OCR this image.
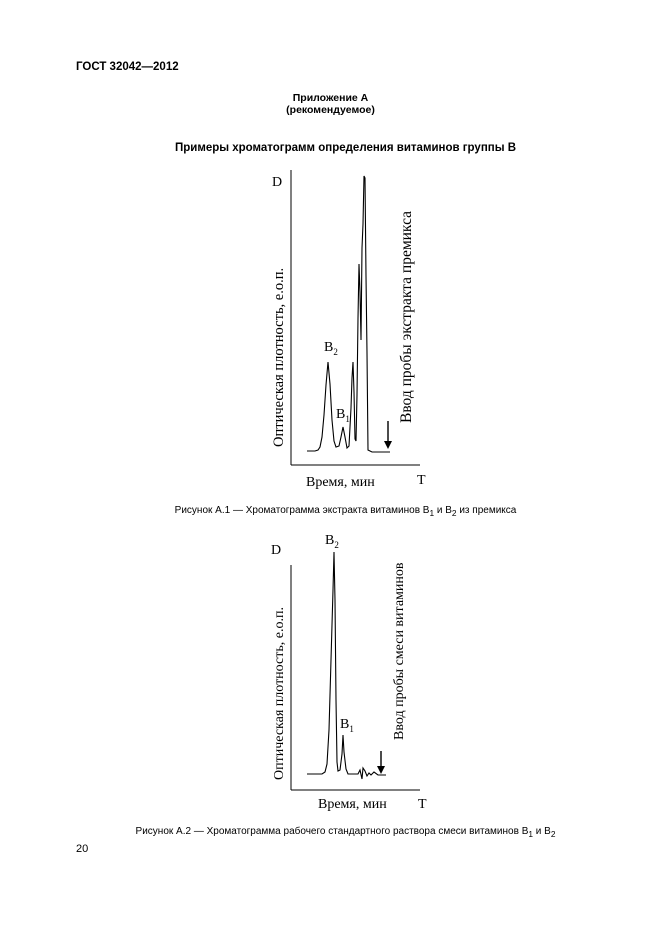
ГОСТ 32042—2012
Приложение А
(рекомендуемое)
Примеры хроматограмм определения витаминов группы В
D
T
Время, мин
Оптическая плотность, е.о.п.	Ввод пробы экстракта премикса
$B_2$
$B_1$
Рисунок А.1 — Хроматограмма экстракта витаминов $В_1$ и $В_2$ из премикса
D
T
Время, мин
Оптическая плотность, е.о.п.	Ввод пробы смеси витаминов
$B_2$
$B_1$
Рисунок А.2 — Хроматограмма рабочего стандартного раствора смеси витаминов $В_1$ и $В_2$
20
